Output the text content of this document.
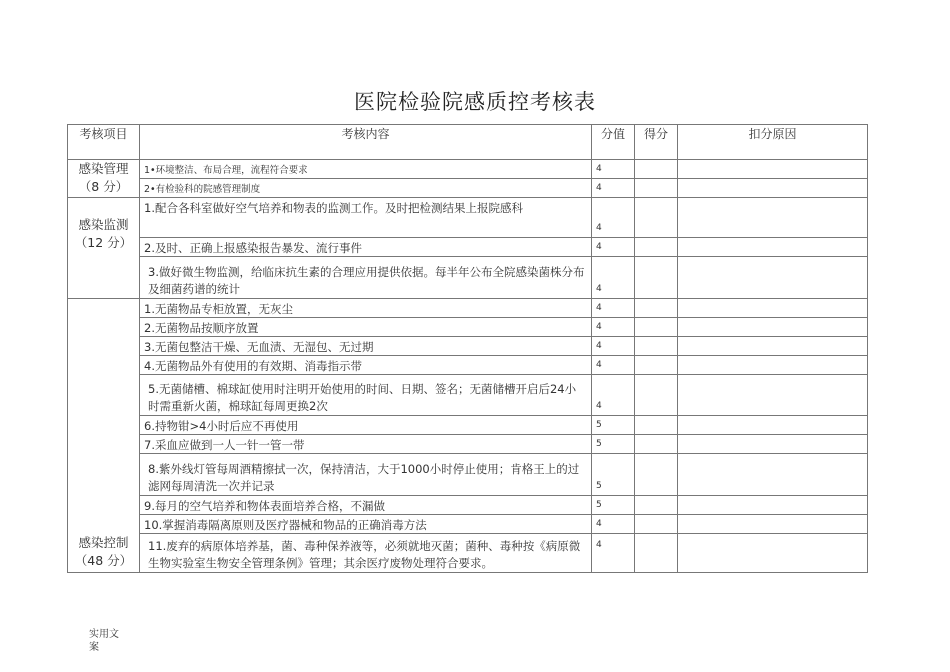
医院检验院感质控考核表
考核项目	考核内容	分值	得分	扣分原因

感染管理
（8 分）	1•环境整洁、布局合理，流程符合要求	4		
	2•有检验科的院感管理制度	4		

感染监测
（12 分）	1.配合各科室做好空气培养和物表的监测工作。及时把检测结果上报院感科	4		
	2.及时、正确上报感染报告暴发、流行事件	4		
	3.做好微生物监测，给临床抗生素的合理应用提供依据。每半年公布全院感染菌株分布及细菌药谱的统计	4		

感染控制
（48 分）	1.无菌物品专柜放置，无灰尘	4		
	2.无菌物品按顺序放置	4		
	3.无菌包整洁干燥、无血渍、无湿包、无过期	4		
	4.无菌物品外有使用的有效期、消毒指示带	4		
	5.无菌储槽、棉球缸使用时注明开始使用的时间、日期、签名；无菌储槽开启后24小时需重新火菌，棉球缸每周更换2次	4		
	6.持物钳>4小时后应不再使用	5		
	7.采血应做到一人一针一管一带	5		
	8.紫外线灯管每周酒精擦拭一次，保持清洁，大于1000小时停止使用；肯格王上的过滤网每周清洗一次并记录	5		
	9.每月的空气培养和物体表面培养合格，不漏做	5		
	10.掌握消毒隔离原则及医疗器械和物品的正确消毒方法	4		
	11.废弃的病原体培养基，菌、毒种保养液等，必须就地灭菌；菌种、毒种按《病原微生物实验室生物安全管理条例》管理；其余医疗废物处理符合要求。	4		
实用文案
